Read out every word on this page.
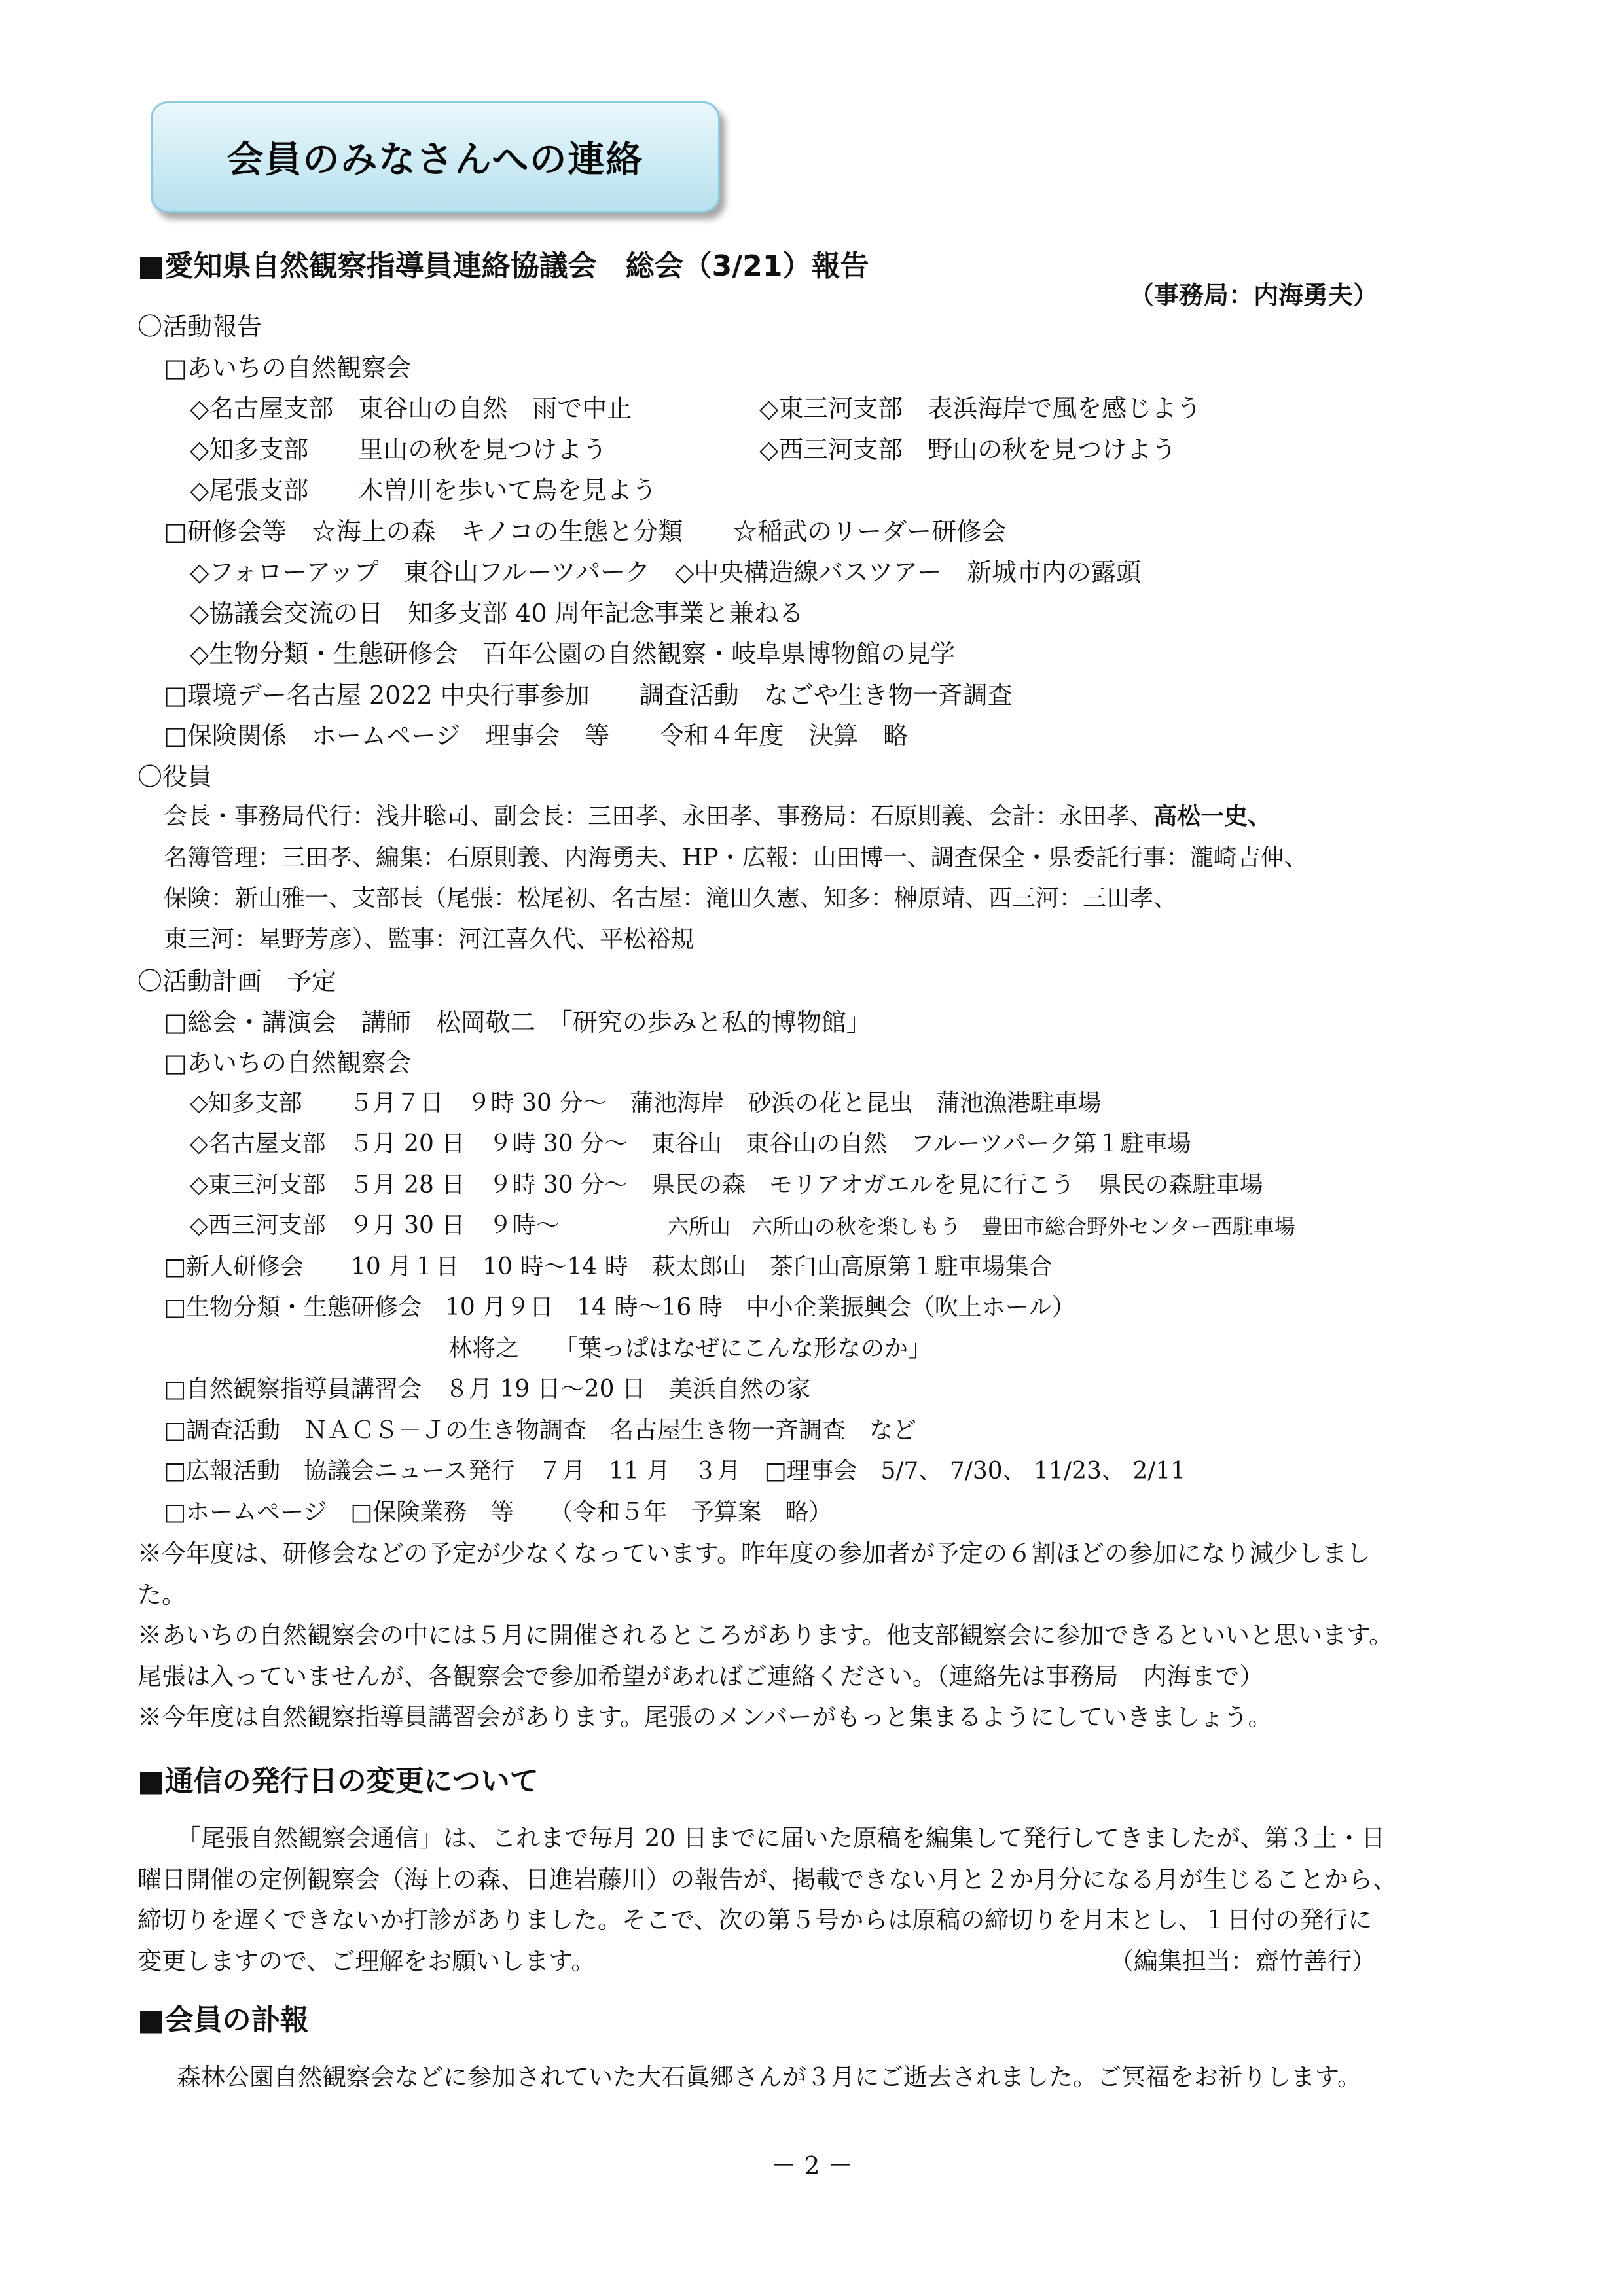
会員のみなさんへの連絡
■愛知県自然観察指導員連絡協議会　総会（3/21）報告
（事務局：内海勇夫）
〇活動報告
□あいちの自然観察会
◇名古屋支部　東谷山の自然　雨で中止	◇東三河支部　表浜海岸で風を感じよう
◇知多支部　　里山の秋を見つけよう	◇西三河支部　野山の秋を見つけよう
◇尾張支部　　木曽川を歩いて鳥を見よう
□研修会等　☆海上の森　キノコの生態と分類　　☆稲武のリーダー研修会
◇フォローアップ　東谷山フルーツパーク　◇中央構造線バスツアー　新城市内の露頭
◇協議会交流の日　知多支部 40 周年記念事業と兼ねる
◇生物分類・生態研修会　百年公園の自然観察・岐阜県博物館の見学
□環境デー名古屋 2022 中央行事参加　　調査活動　なごや生き物一斉調査
□保険関係　ホームページ　理事会　等　　令和４年度　決算　略
〇役員
会長・事務局代行：浅井聡司、副会長：三田孝、永田孝、事務局：石原則義、会計：永田孝、高松一史、
名簿管理：三田孝、編集：石原則義、内海勇夫、HP・広報：山田博一、調査保全・県委託行事：瀧崎吉伸、
保険：新山雅一、支部長（尾張：松尾初、名古屋：滝田久憲、知多：榊原靖、西三河：三田孝、
東三河：星野芳彦）、監事：河江喜久代、平松裕規
〇活動計画　予定
□総会・講演会　講師　松岡敬二　「研究の歩みと私的博物館」
□あいちの自然観察会
◇知多支部　　５月７日　９時 30 分～　蒲池海岸　砂浜の花と昆虫　蒲池漁港駐車場
◇名古屋支部　５月 20 日　９時 30 分～　東谷山　東谷山の自然　フルーツパーク第１駐車場
◇東三河支部　５月 28 日　９時 30 分～　県民の森　モリアオガエルを見に行こう　県民の森駐車場
◇西三河支部　９月 30 日　９時～	六所山　六所山の秋を楽しもう　豊田市総合野外センター西駐車場
□新人研修会　　10 月１日　10 時～14 時　萩太郎山　茶臼山高原第１駐車場集合
□生物分類・生態研修会　10 月９日　14 時～16 時　中小企業振興会（吹上ホール）
林将之　　「葉っぱはなぜにこんな形なのか」
□自然観察指導員講習会　８月 19 日～20 日　美浜自然の家
□調査活動　ＮＡＣＳ－Ｊの生き物調査　名古屋生き物一斉調査　など
□広報活動　協議会ニュース発行　７月　11 月　３月　□理事会　5/7、 7/30、 11/23、 2/11
□ホームページ　□保険業務　等　　（令和５年　予算案　略）
※今年度は、研修会などの予定が少なくなっています。昨年度の参加者が予定の６割ほどの参加になり減少しまし
た。
※あいちの自然観察会の中には５月に開催されるところがあります。他支部観察会に参加できるといいと思います。
尾張は入っていませんが、各観察会で参加希望があればご連絡ください。（連絡先は事務局　内海まで）
※今年度は自然観察指導員講習会があります。尾張のメンバーがもっと集まるようにしていきましょう。
■通信の発行日の変更について
「尾張自然観察会通信」は、これまで毎月 20 日までに届いた原稿を編集して発行してきましたが、第３土・日
曜日開催の定例観察会（海上の森、日進岩藤川）の報告が、掲載できない月と２か月分になる月が生じることから、
締切りを遅くできないか打診がありました。そこで、次の第５号からは原稿の締切りを月末とし、１日付の発行に
変更しますので、ご理解をお願いします。	（編集担当：齋竹善行）
■会員の訃報
森林公園自然観察会などに参加されていた大石眞郷さんが３月にご逝去されました。ご冥福をお祈りします。
－ 2 －
